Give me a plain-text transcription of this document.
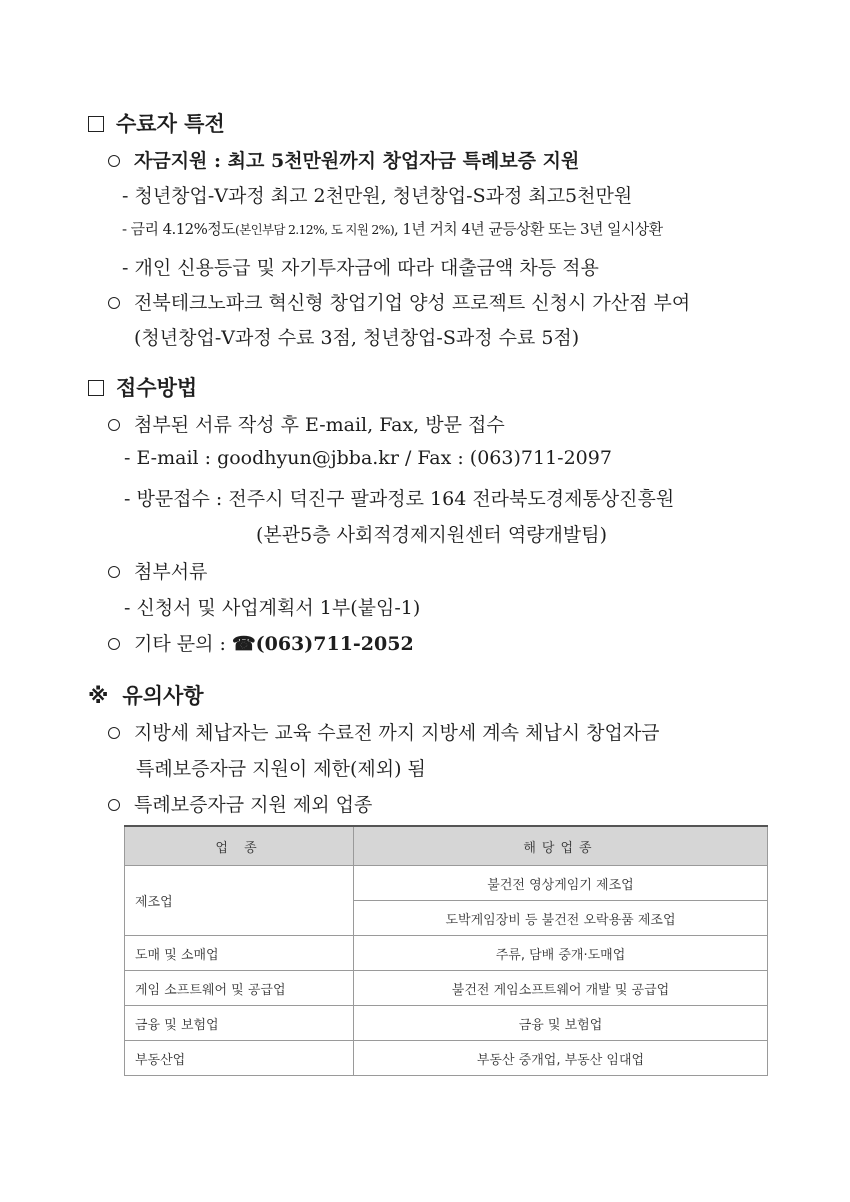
수료자 특전
자금지원 : 최고 5천만원까지 창업자금 특례보증 지원
- 청년창업-V과정 최고 2천만원, 청년창업-S과정 최고5천만원
- 금리 4.12%정도(본인부담 2.12%, 도 지원 2%), 1년 거치 4년 균등상환 또는 3년 일시상환
- 개인 신용등급 및 자기투자금에 따라 대출금액 차등 적용
전북테크노파크 혁신형 창업기업 양성 프로젝트 신청시 가산점 부여
(청년창업-V과정 수료 3점, 청년창업-S과정 수료 5점)
접수방법
첨부된 서류 작성 후 E-mail, Fax, 방문 접수
- E-mail : goodhyun@jbba.kr / Fax : (063)711-2097
- 방문접수 : 전주시 덕진구 팔과정로 164 전라북도경제통상진흥원
(본관5층 사회적경제지원센터 역량개발팀)
첨부서류
- 신청서 및 사업계획서 1부(붙임-1)
기타 문의 : ☎(063)711-2052
※ 유의사항
지방세 체납자는 교육 수료전 까지 지방세 계속 체납시 창업자금
특례보증자금 지원이 제한(제외) 됨
특례보증자금 지원 제외 업종
업 종	해당업종
제조업	불건전 영상게임기 제조업
	도박게임장비 등 불건전 오락용품 제조업
도매 및 소매업	주류, 담배 중개·도매업
게임 소프트웨어 및 공급업	불건전 게임소프트웨어 개발 및 공급업
금융 및 보험업	금융 및 보험업
부동산업	부동산 중개업, 부동산 임대업
